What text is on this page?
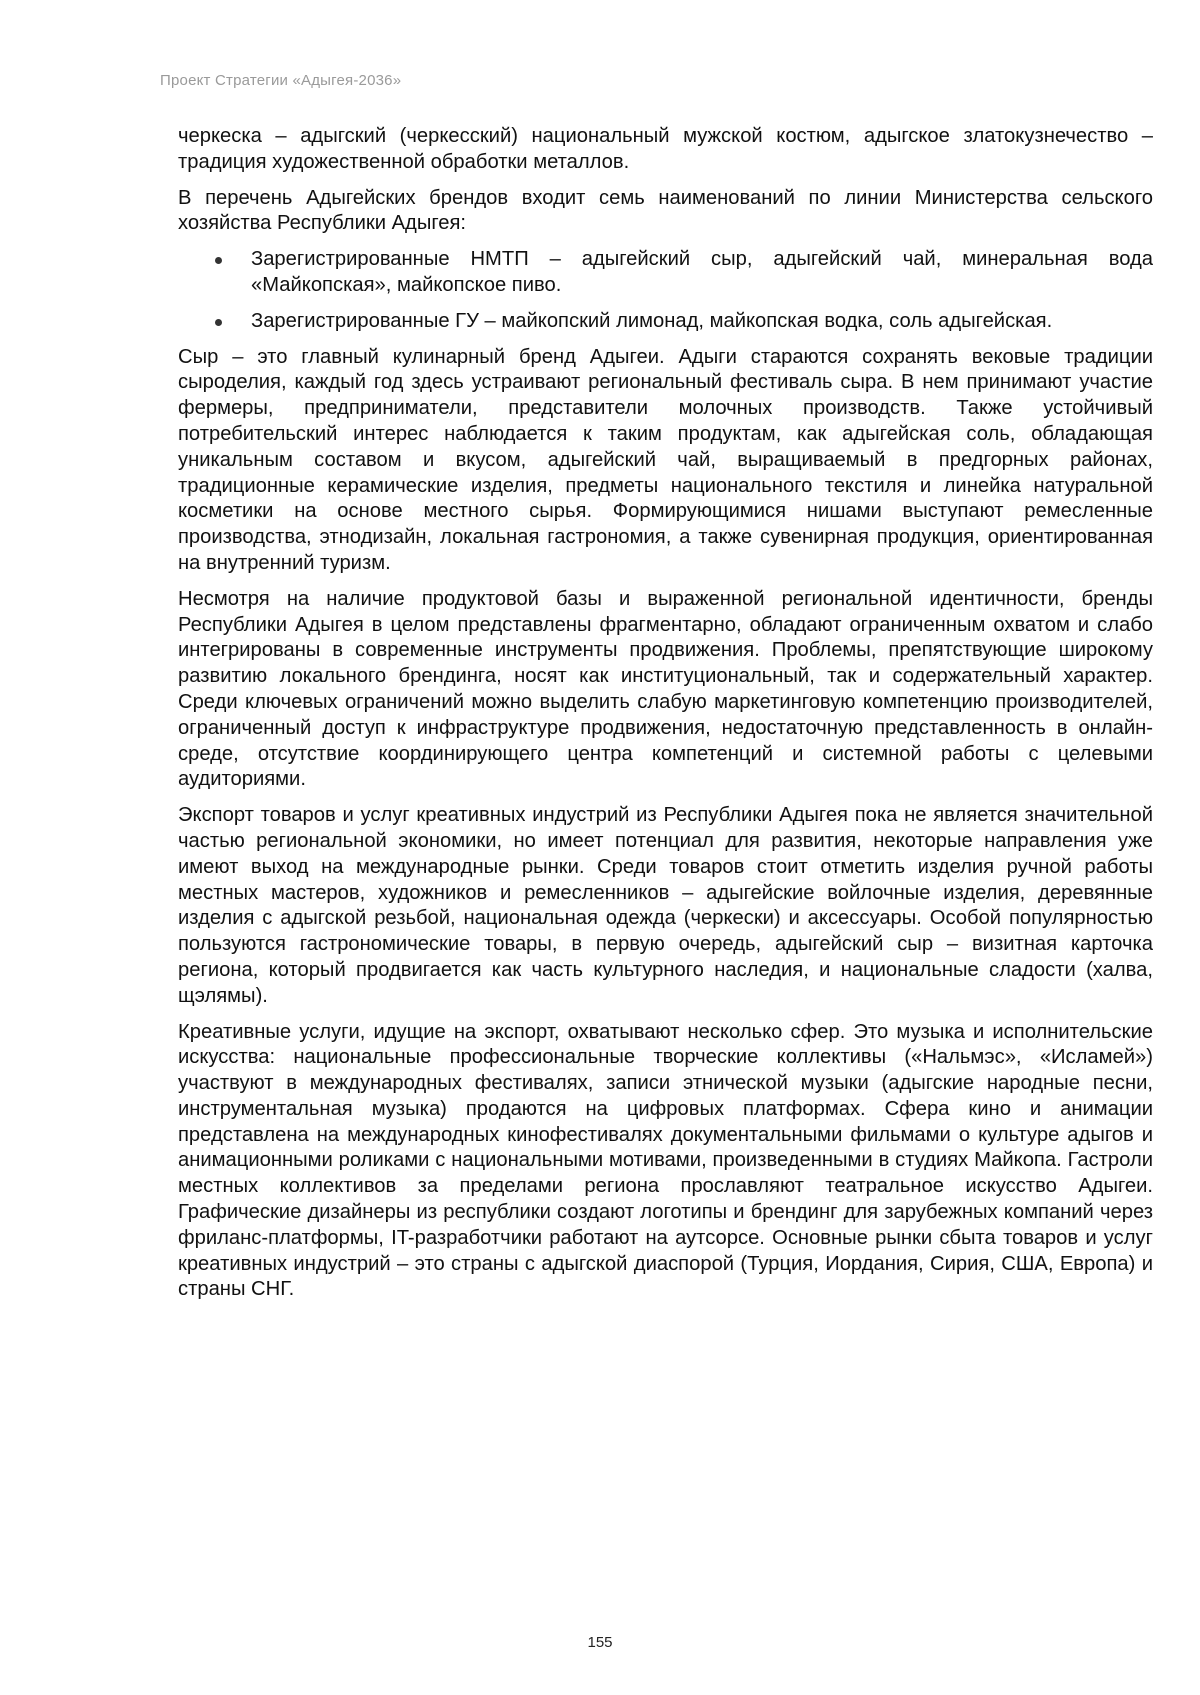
Проект Стратегии «Адыгея-2036»

черкеска – адыгский (черкесский) национальный мужской костюм, адыгское златокузнечество – традиция художественной обработки металлов.

В перечень Адыгейских брендов входит семь наименований по линии Министерства сельского хозяйства Республики Адыгея:

Зарегистрированные НМТП – адыгейский сыр, адыгейский чай, минеральная вода «Майкопская», майкопское пиво.
Зарегистрированные ГУ – майкопский лимонад, майкопская водка, соль адыгейская.

Сыр – это главный кулинарный бренд Адыгеи. Адыги стараются сохранять вековые традиции сыроделия, каждый год здесь устраивают региональный фестиваль сыра. В нем принимают участие фермеры, предприниматели, представители молочных производств. Также устойчивый потребительский интерес наблюдается к таким продуктам, как адыгейская соль, обладающая уникальным составом и вкусом, адыгейский чай, выращиваемый в предгорных районах, традиционные керамические изделия, предметы национального текстиля и линейка натуральной косметики на основе местного сырья. Формирующимися нишами выступают ремесленные производства, этнодизайн, локальная гастрономия, а также сувенирная продукция, ориентированная на внутренний туризм.

Несмотря на наличие продуктовой базы и выраженной региональной идентичности, бренды Республики Адыгея в целом представлены фрагментарно, обладают ограниченным охватом и слабо интегрированы в современные инструменты продвижения. Проблемы, препятствующие широкому развитию локального брендинга, носят как институциональный, так и содержательный характер. Среди ключевых ограничений можно выделить слабую маркетинговую компетенцию производителей, ограниченный доступ к инфраструктуре продвижения, недостаточную представленность в онлайн-среде, отсутствие координирующего центра компетенций и системной работы с целевыми аудиториями.

Экспорт товаров и услуг креативных индустрий из Республики Адыгея пока не является значительной частью региональной экономики, но имеет потенциал для развития, некоторые направления уже имеют выход на международные рынки. Среди товаров стоит отметить изделия ручной работы местных мастеров, художников и ремесленников – адыгейские войлочные изделия, деревянные изделия с адыгской резьбой, национальная одежда (черкески) и аксессуары. Особой популярностью пользуются гастрономические товары, в первую очередь, адыгейский сыр – визитная карточка региона, который продвигается как часть культурного наследия, и национальные сладости (халва, щэлямы).

Креативные услуги, идущие на экспорт, охватывают несколько сфер. Это музыка и исполнительские искусства: национальные профессиональные творческие коллективы («Нальмэс», «Исламей») участвуют в международных фестивалях, записи этнической музыки (адыгские народные песни, инструментальная музыка) продаются на цифровых платформах. Сфера кино и анимации представлена на международных кинофестивалях документальными фильмами о культуре адыгов и анимационными роликами с национальными мотивами, произведенными в студиях Майкопа. Гастроли местных коллективов за пределами региона прославляют театральное искусство Адыгеи. Графические дизайнеры из республики создают логотипы и брендинг для зарубежных компаний через фриланс-платформы, IT-разработчики работают на аутсорсе. Основные рынки сбыта товаров и услуг креативных индустрий – это страны с адыгской диаспорой (Турция, Иордания, Сирия, США, Европа) и страны СНГ.

155
